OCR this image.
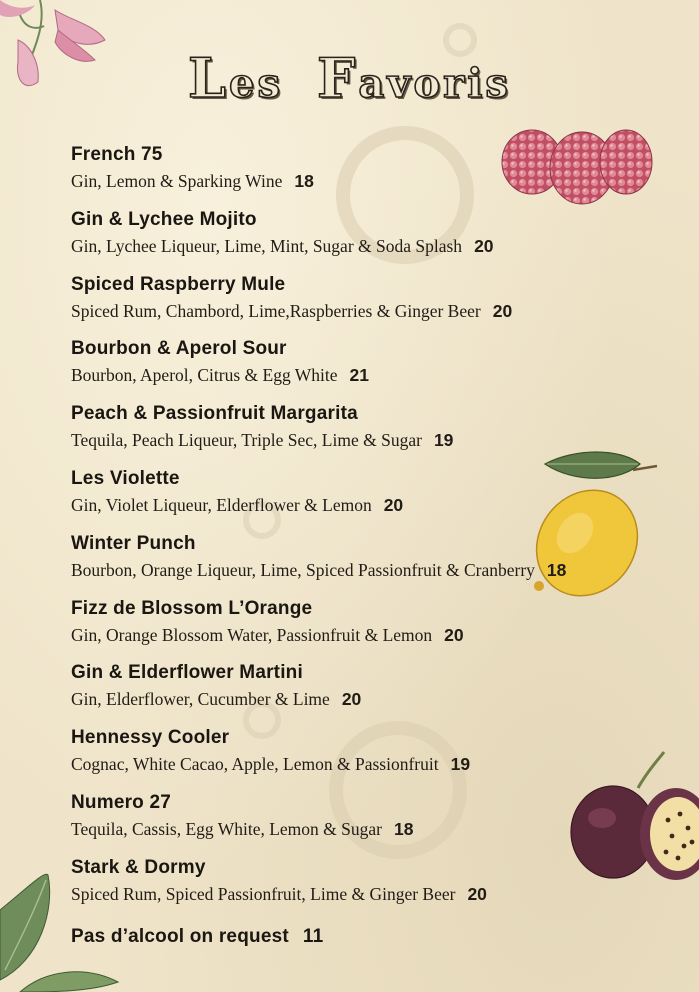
Les Favoris
French 75
Gin, Lemon & Sparking Wine 18
Gin & Lychee Mojito
Gin, Lychee Liqueur, Lime, Mint, Sugar & Soda Splash 20
Spiced Raspberry Mule
Spiced Rum, Chambord, Lime,Raspberries & Ginger Beer 20
Bourbon & Aperol Sour
Bourbon, Aperol, Citrus & Egg White 21
Peach & Passionfruit Margarita
Tequila, Peach Liqueur, Triple Sec, Lime & Sugar 19
Les Violette
Gin, Violet Liqueur, Elderflower & Lemon 20
Winter Punch
Bourbon, Orange Liqueur, Lime, Spiced Passionfruit & Cranberry 18
Fizz de Blossom L’Orange
Gin, Orange Blossom Water, Passionfruit & Lemon 20
Gin & Elderflower Martini
Gin, Elderflower, Cucumber & Lime 20
Hennessy Cooler
Cognac, White Cacao, Apple, Lemon & Passionfruit 19
Numero 27
Tequila, Cassis, Egg White, Lemon & Sugar 18
Stark & Dormy
Spiced Rum, Spiced Passionfruit, Lime & Ginger Beer 20
Pas d’alcool on request 11
